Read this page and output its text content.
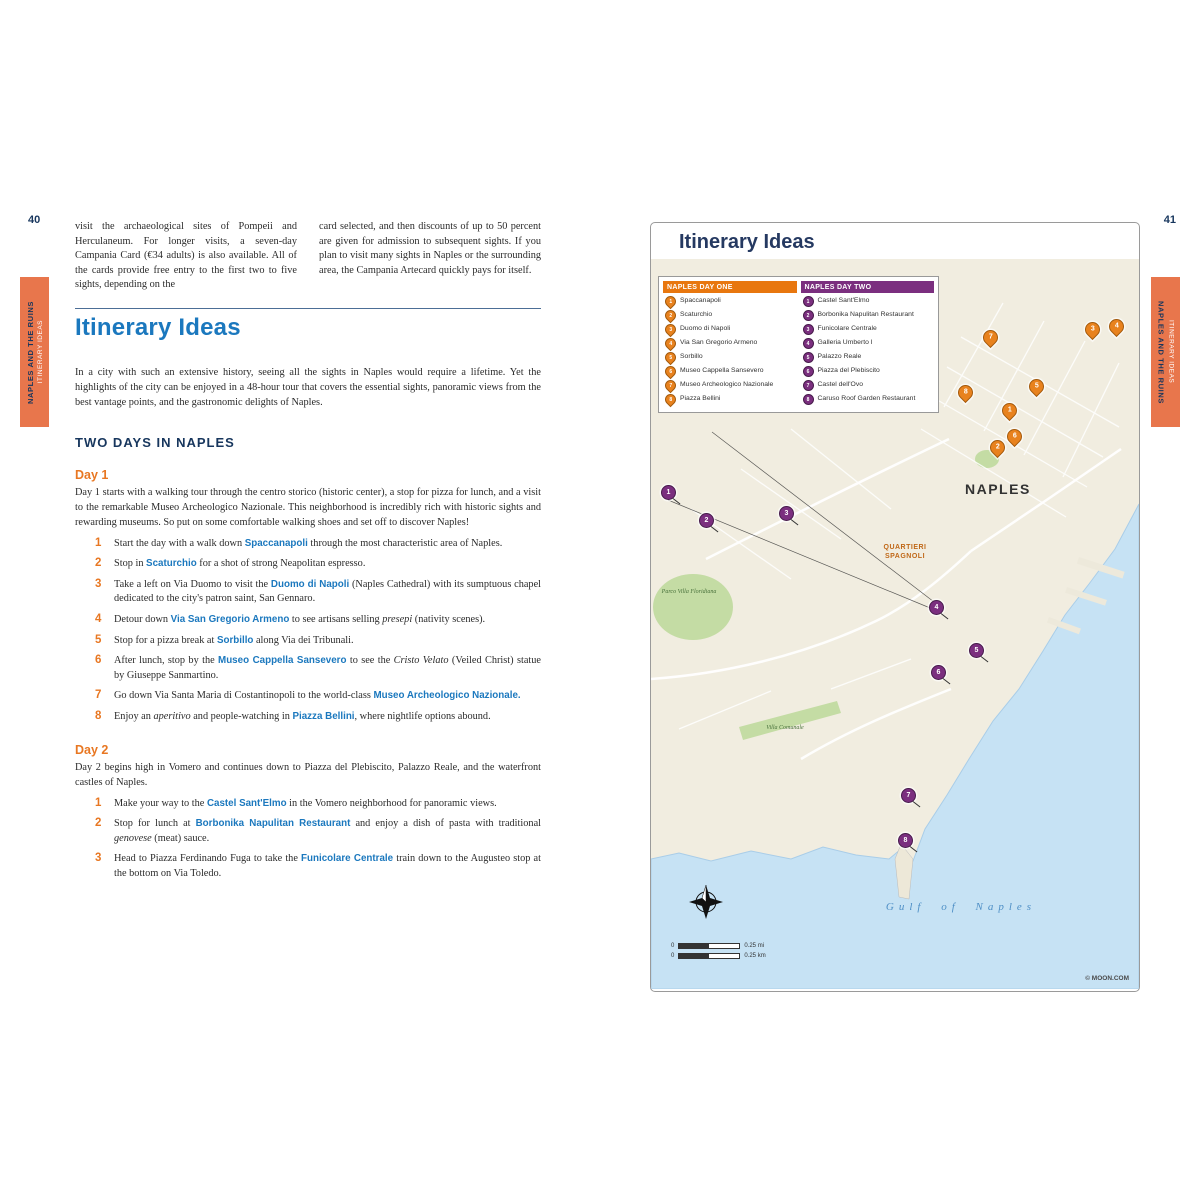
40	41
NAPLES AND THE RUINS ITINERARY IDEAS	NAPLES AND THE RUINS ITINERARY IDEAS

visit the archaeological sites of Pompeii and Herculaneum. For longer visits, a seven-day Campania Card (€34 adults) is also available. All of the cards provide free entry to the first two to five sights, depending on the

card selected, and then discounts of up to 50 percent are given for admission to subsequent sights. If you plan to visit many sights in Naples or the surrounding area, the Campania Artecard quickly pays for itself.

Itinerary Ideas

In a city with such an extensive history, seeing all the sights in Naples would require a lifetime. Yet the highlights of the city can be enjoyed in a 48-hour tour that covers the essential sights, panoramic views from the best vantage points, and the gastronomic delights of Naples.

TWO DAYS IN NAPLES
Day 1

Day 1 starts with a walking tour through the centro storico (historic center), a stop for pizza for lunch, and a visit to the remarkable Museo Archeologico Nazionale. This neighborhood is incredibly rich with historic sights and rewarding museums. So put on some comfortable walking shoes and set off to discover Naples!

1	Start the day with a walk down Spaccanapoli through the most characteristic area of Naples.
2	Stop in Scaturchio for a shot of strong Neapolitan espresso.
3	Take a left on Via Duomo to visit the Duomo di Napoli (Naples Cathedral) with its sumptuous chapel dedicated to the city's patron saint, San Gennaro.
4	Detour down Via San Gregorio Armeno to see artisans selling presepi (nativity scenes).
5	Stop for a pizza break at Sorbillo along Via dei Tribunali.
6	After lunch, stop by the Museo Cappella Sansevero to see the Cristo Velato (Veiled Christ) statue by Giuseppe Sanmartino.
7	Go down Via Santa Maria di Costantinopoli to the world-class Museo Archeologico Nazionale.
8	Enjoy an aperitivo and people-watching in Piazza Bellini, where nightlife options abound.
Day 2

Day 2 begins high in Vomero and continues down to Piazza del Plebiscito, Palazzo Reale, and the waterfront castles of Naples.

1	Make your way to the Castel Sant'Elmo in the Vomero neighborhood for panoramic views.
2	Stop for lunch at Borbonika Napulitan Restaurant and enjoy a dish of pasta with traditional genovese (meat) sauce.
3	Head to Piazza Ferdinando Fuga to take the Funicolare Centrale train down to the Augusteo stop at the bottom on Via Toledo.
Itinerary Ideas
NAPLES DAY ONE
1 Spaccanapoli
2 Scaturchio
3 Duomo di Napoli
4 Via San Gregorio Armeno
5 Sorbillo
6 Museo Cappella Sansevero
7 Museo Archeologico Nazionale
8 Piazza Bellini
NAPLES DAY TWO
1 Castel Sant'Elmo
2 Borbonika Napulitan Restaurant
3 Funicolare Centrale
4 Galleria Umberto I
5 Palazzo Reale
6 Piazza del Plebiscito
7 Castel dell'Ovo
8 Caruso Roof Garden Restaurant
NAPLES
QUARTIERI SPAGNOLI
Parco Villa Floridiana
Villa Comunale
Gulf of Naples
1
2
3	4
5
6
7
8
1
2
3
4
5
6
7
8
0	0.25 mi
0	0.25 km
© MOON.COM
